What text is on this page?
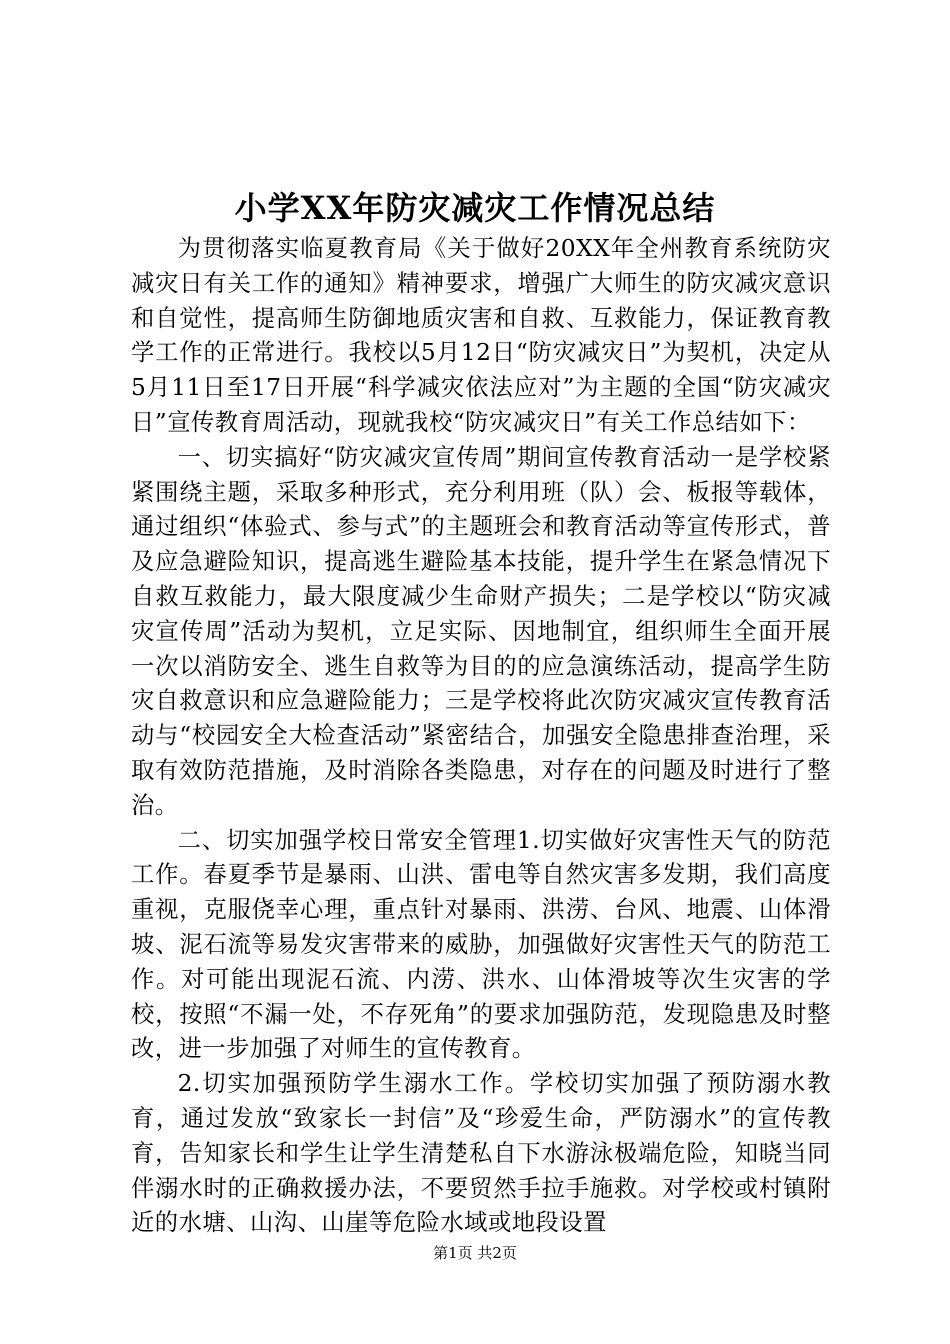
小学XX年防灾减灾工作情况总结

为贯彻落实临夏教育局《关于做好20XX年全州教育系统防灾减灾日有关工作的通知》精神要求，增强广大师生的防灾减灾意识和自觉性，提高师生防御地质灾害和自救、互救能力，保证教育教学工作的正常进行。我校以5月12日“防灾减灾日”为契机，决定从5月11日至17日开展“科学减灾依法应对”为主题的全国“防灾减灾日”宣传教育周活动，现就我校“防灾减灾日”有关工作总结如下：

一、切实搞好“防灾减灾宣传周”期间宣传教育活动一是学校紧紧围绕主题，采取多种形式，充分利用班（队）会、板报等载体，通过组织“体验式、参与式”的主题班会和教育活动等宣传形式，普及应急避险知识，提高逃生避险基本技能，提升学生在紧急情况下自救互救能力，最大限度减少生命财产损失；二是学校以“防灾减灾宣传周”活动为契机，立足实际、因地制宜，组织师生全面开展一次以消防安全、逃生自救等为目的的应急演练活动，提高学生防灾自救意识和应急避险能力；三是学校将此次防灾减灾宣传教育活动与“校园安全大检查活动”紧密结合，加强安全隐患排查治理，采取有效防范措施，及时消除各类隐患，对存在的问题及时进行了整治。

二、切实加强学校日常安全管理1.切实做好灾害性天气的防范工作。春夏季节是暴雨、山洪、雷电等自然灾害多发期，我们高度重视，克服侥幸心理，重点针对暴雨、洪涝、台风、地震、山体滑坡、泥石流等易发灾害带来的威胁，加强做好灾害性天气的防范工作。对可能出现泥石流、内涝、洪水、山体滑坡等次生灾害的学校，按照“不漏一处，不存死角”的要求加强防范，发现隐患及时整改，进一步加强了对师生的宣传教育。

2.切实加强预防学生溺水工作。学校切实加强了预防溺水教育，通过发放“致家长一封信”及“珍爱生命，严防溺水”的宣传教育，告知家长和学生让学生清楚私自下水游泳极端危险，知晓当同伴溺水时的正确救援办法，不要贸然手拉手施救。对学校或村镇附近的水塘、山沟、山崖等危险水域或地段设置

第1页 共2页
